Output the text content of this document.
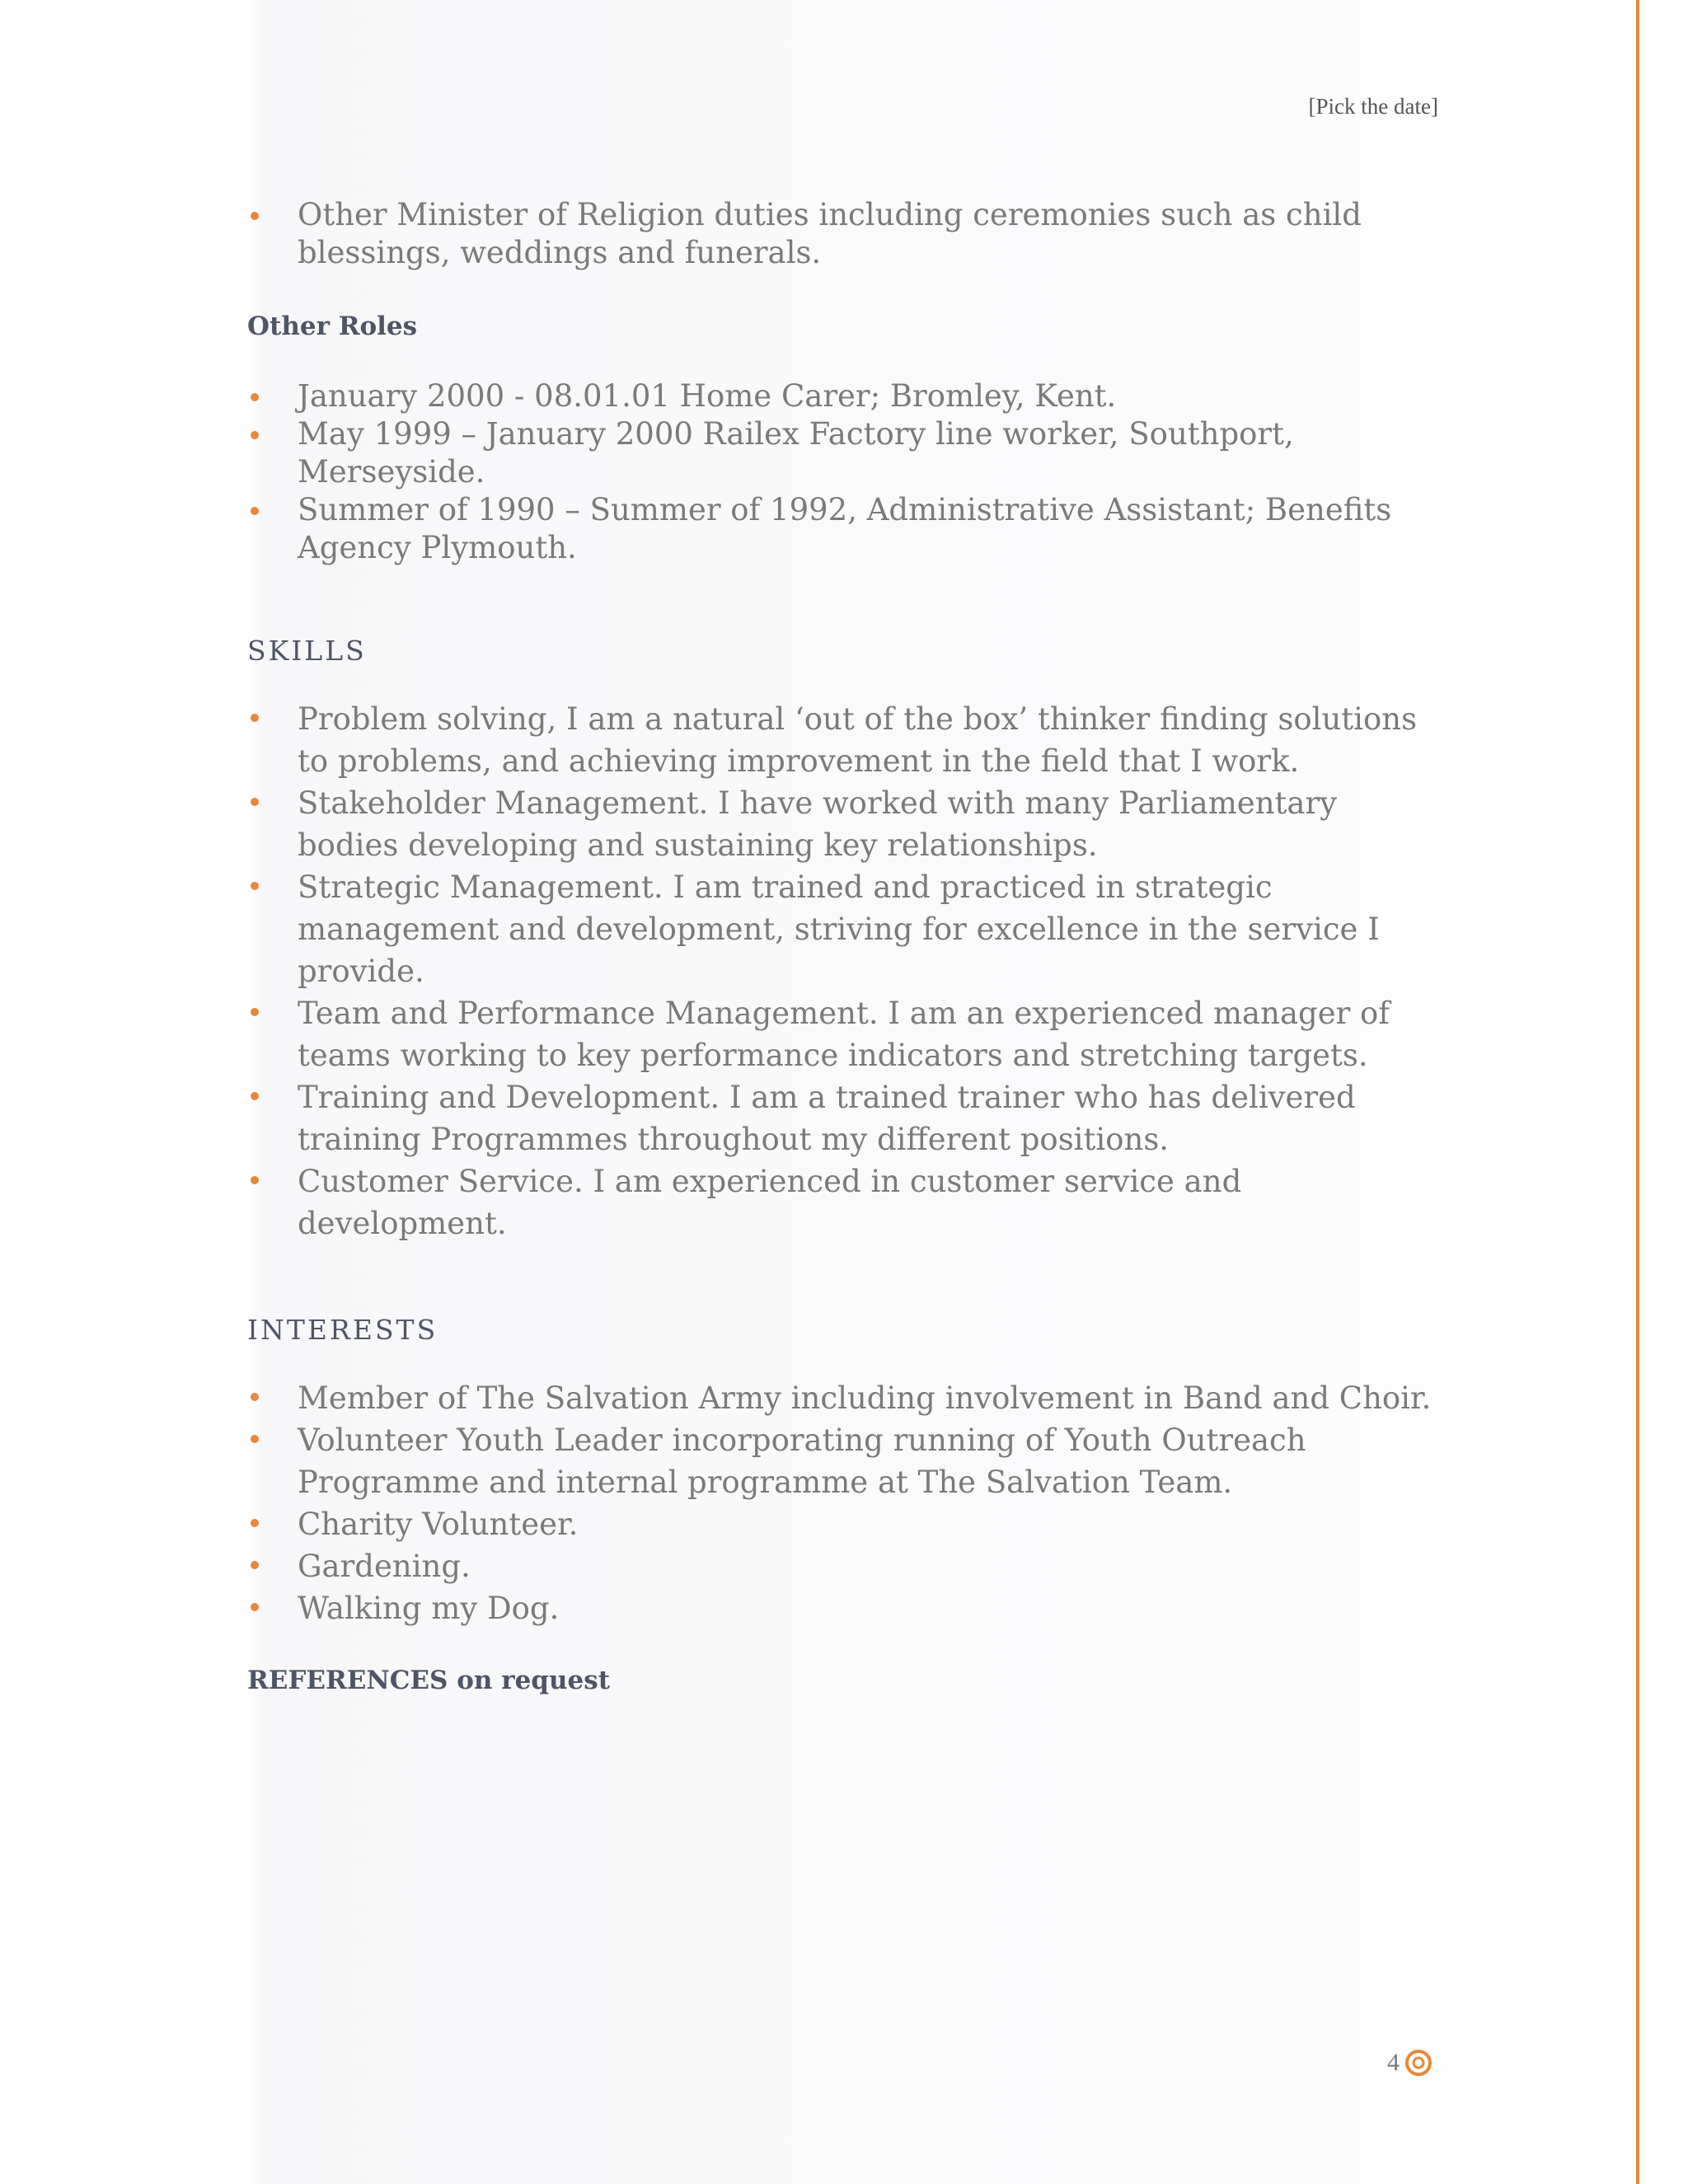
[Pick the date]
Other Minister of Religion duties including ceremonies such as child blessings, weddings and funerals.
Other Roles
January 2000 - 08.01.01 Home Carer; Bromley, Kent.
May 1999 – January 2000 Railex Factory line worker, Southport, Merseyside.
Summer of 1990 – Summer of 1992, Administrative Assistant; Benefits Agency Plymouth.
SKILLS
Problem solving, I am a natural ‘out of the box’ thinker finding solutions to problems, and achieving improvement in the field that I work.
Stakeholder Management. I have worked with many Parliamentary bodies developing and sustaining key relationships.
Strategic Management. I am trained and practiced in strategic management and development, striving for excellence in the service I provide.
Team and Performance Management. I am an experienced manager of teams working to key performance indicators and stretching targets.
Training and Development. I am a trained trainer who has delivered training Programmes throughout my different positions.
Customer Service. I am experienced in customer service and development.
INTERESTS
Member of The Salvation Army including involvement in Band and Choir.
Volunteer Youth Leader incorporating running of Youth Outreach Programme and internal programme at The Salvation Team.
Charity Volunteer.
Gardening.
Walking my Dog.
REFERENCES on request
4
